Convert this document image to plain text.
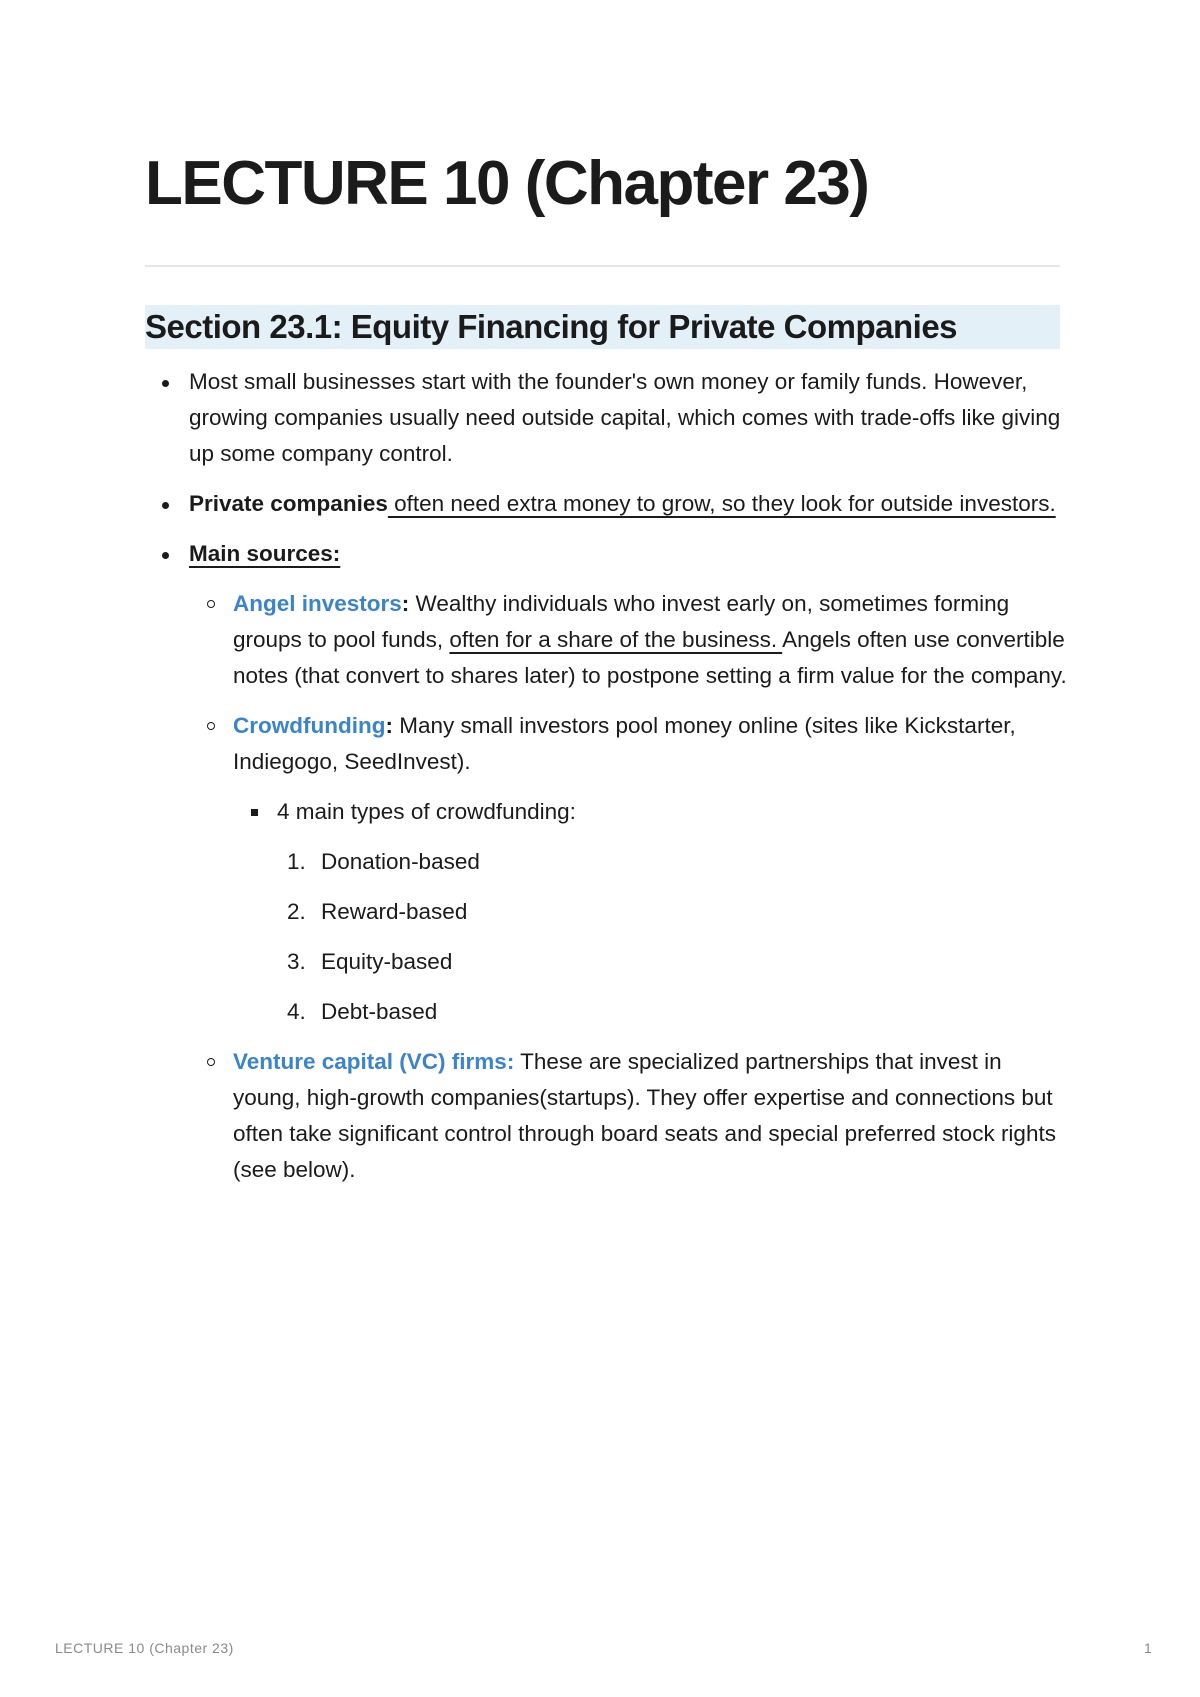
LECTURE 10 (Chapter 23)
Section 23.1: Equity Financing for Private Companies
Most small businesses start with the founder's own money or family funds. However, growing companies usually need outside capital, which comes with trade-offs like giving up some company control.
Private companies often need extra money to grow, so they look for outside investors.
Main sources:
Angel investors: Wealthy individuals who invest early on, sometimes forming groups to pool funds, often for a share of the business. Angels often use convertible notes (that convert to shares later) to postpone setting a firm value for the company.
Crowdfunding: Many small investors pool money online (sites like Kickstarter, Indiegogo, SeedInvest).
4 main types of crowdfunding:
1. Donation-based
2. Reward-based
3. Equity-based
4. Debt-based
Venture capital (VC) firms: These are specialized partnerships that invest in young, high-growth companies(startups). They offer expertise and connections but often take significant control through board seats and special preferred stock rights (see below).
LECTURE 10 (Chapter 23)	1
